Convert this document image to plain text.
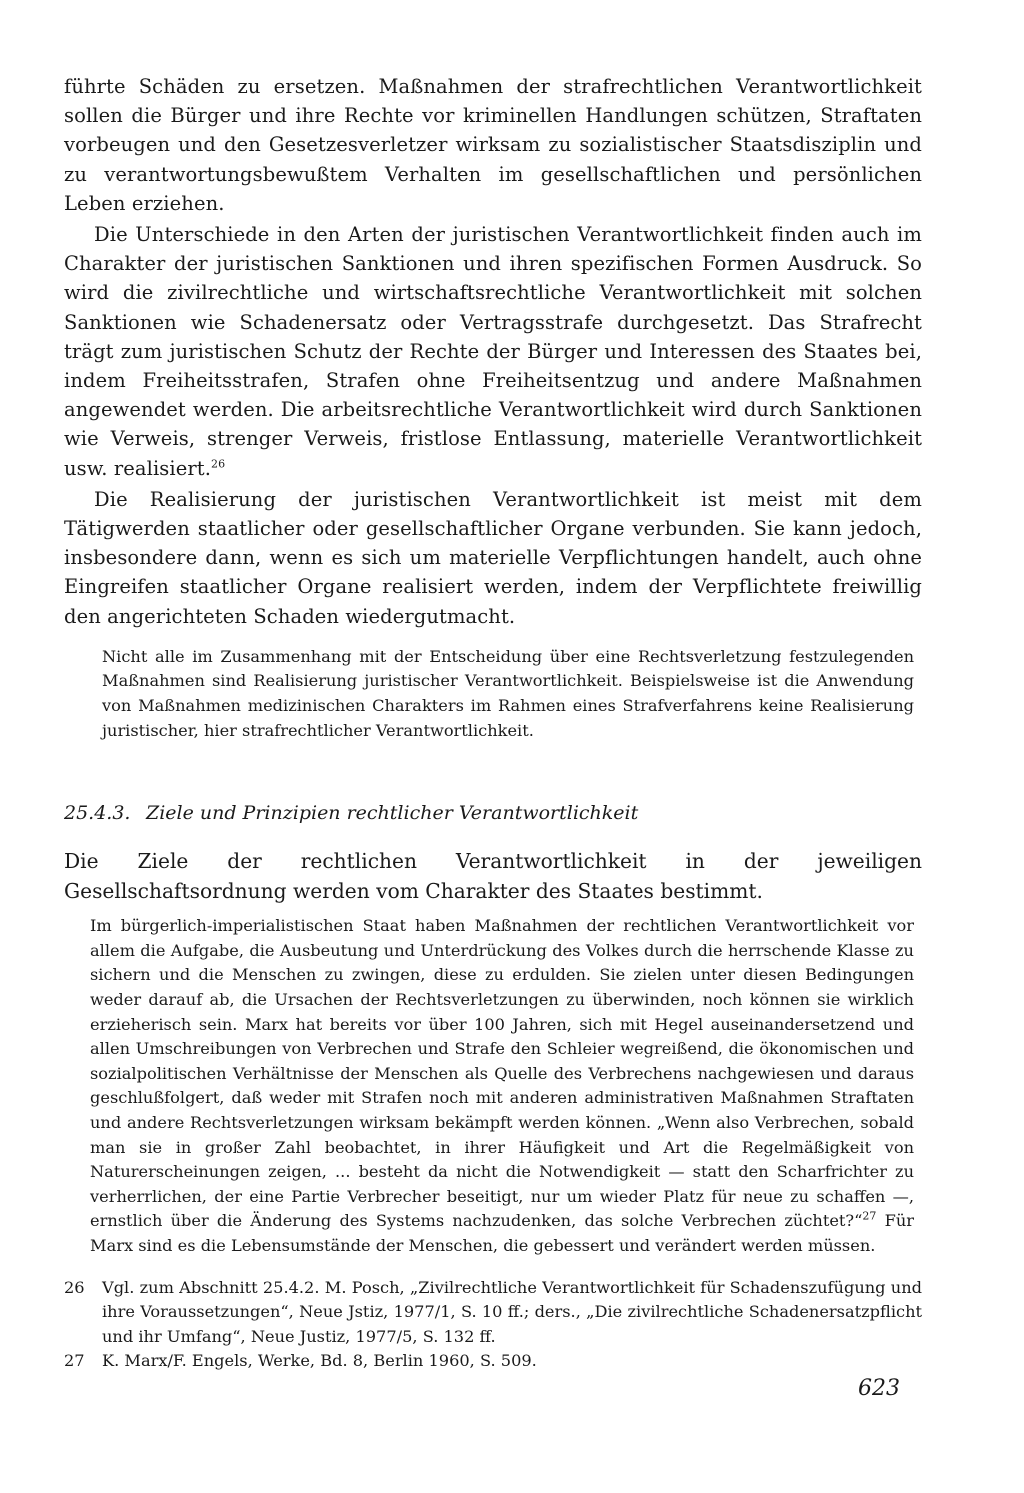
führte Schäden zu ersetzen. Maßnahmen der strafrechtlichen Verantwortlichkeit sollen die Bürger und ihre Rechte vor kriminellen Handlungen schützen, Straftaten vorbeugen und den Gesetzesverletzer wirksam zu sozialistischer Staatsdisziplin und zu verantwortungsbewußtem Verhalten im gesellschaftlichen und persönlichen Leben erziehen.

Die Unterschiede in den Arten der juristischen Verantwortlichkeit finden auch im Charakter der juristischen Sanktionen und ihren spezifischen Formen Ausdruck. So wird die zivilrechtliche und wirtschaftsrechtliche Verantwortlichkeit mit solchen Sanktionen wie Schadenersatz oder Vertragsstrafe durchgesetzt. Das Strafrecht trägt zum juristischen Schutz der Rechte der Bürger und Interessen des Staates bei, indem Freiheitsstrafen, Strafen ohne Freiheitsentzug und andere Maßnahmen angewendet werden. Die arbeitsrechtliche Verantwortlichkeit wird durch Sanktionen wie Verweis, strenger Verweis, fristlose Entlassung, materielle Verantwortlichkeit usw. realisiert.$^{26}$

Die Realisierung der juristischen Verantwortlichkeit ist meist mit dem Tätigwerden staatlicher oder gesellschaftlicher Organe verbunden. Sie kann jedoch, insbesondere dann, wenn es sich um materielle Verpflichtungen handelt, auch ohne Eingreifen staatlicher Organe realisiert werden, indem der Verpflichtete freiwillig den angerichteten Schaden wiedergutmacht.

Nicht alle im Zusammenhang mit der Entscheidung über eine Rechtsverletzung festzulegenden Maßnahmen sind Realisierung juristischer Verantwortlichkeit. Beispielsweise ist die Anwendung von Maßnahmen medizinischen Charakters im Rahmen eines Strafverfahrens keine Realisierung juristischer, hier strafrechtlicher Verantwortlichkeit.

25.4.3. Ziele und Prinzipien rechtlicher Verantwortlichkeit

Die Ziele der rechtlichen Verantwortlichkeit in der jeweiligen Gesellschaftsordnung werden vom Charakter des Staates bestimmt.

Im bürgerlich-imperialistischen Staat haben Maßnahmen der rechtlichen Verantwortlichkeit vor allem die Aufgabe, die Ausbeutung und Unterdrückung des Volkes durch die herrschende Klasse zu sichern und die Menschen zu zwingen, diese zu erdulden. Sie zielen unter diesen Bedingungen weder darauf ab, die Ursachen der Rechtsverletzungen zu überwinden, noch können sie wirklich erzieherisch sein. Marx hat bereits vor über 100 Jahren, sich mit Hegel auseinandersetzend und allen Umschreibungen von Verbrechen und Strafe den Schleier wegreißend, die ökonomischen und sozialpolitischen Verhältnisse der Menschen als Quelle des Verbrechens nachgewiesen und daraus geschlußfolgert, daß weder mit Strafen noch mit anderen administrativen Maßnahmen Straftaten und andere Rechtsverletzungen wirksam bekämpft werden können. „Wenn also Verbrechen, sobald man sie in großer Zahl beobachtet, in ihrer Häufigkeit und Art die Regelmäßigkeit von Naturerscheinungen zeigen, ... besteht da nicht die Notwendigkeit — statt den Scharfrichter zu verherrlichen, der eine Partie Verbrecher beseitigt, nur um wieder Platz für neue zu schaffen —, ernstlich über die Änderung des Systems nachzudenken, das solche Verbrechen züchtet?“$^{27}$ Für Marx sind es die Lebensumstände der Menschen, die gebessert und verändert werden müssen.

26	Vgl. zum Abschnitt 25.4.2. M. Posch, „Zivilrechtliche Verantwortlichkeit für Schadenszufügung und ihre Voraussetzungen“, Neue Jstiz, 1977/1, S. 10 ff.; ders., „Die zivilrechtliche Schadenersatzpflicht und ihr Umfang“, Neue Justiz, 1977/5, S. 132 ff.
27	K. Marx/F. Engels, Werke, Bd. 8, Berlin 1960, S. 509.
623
